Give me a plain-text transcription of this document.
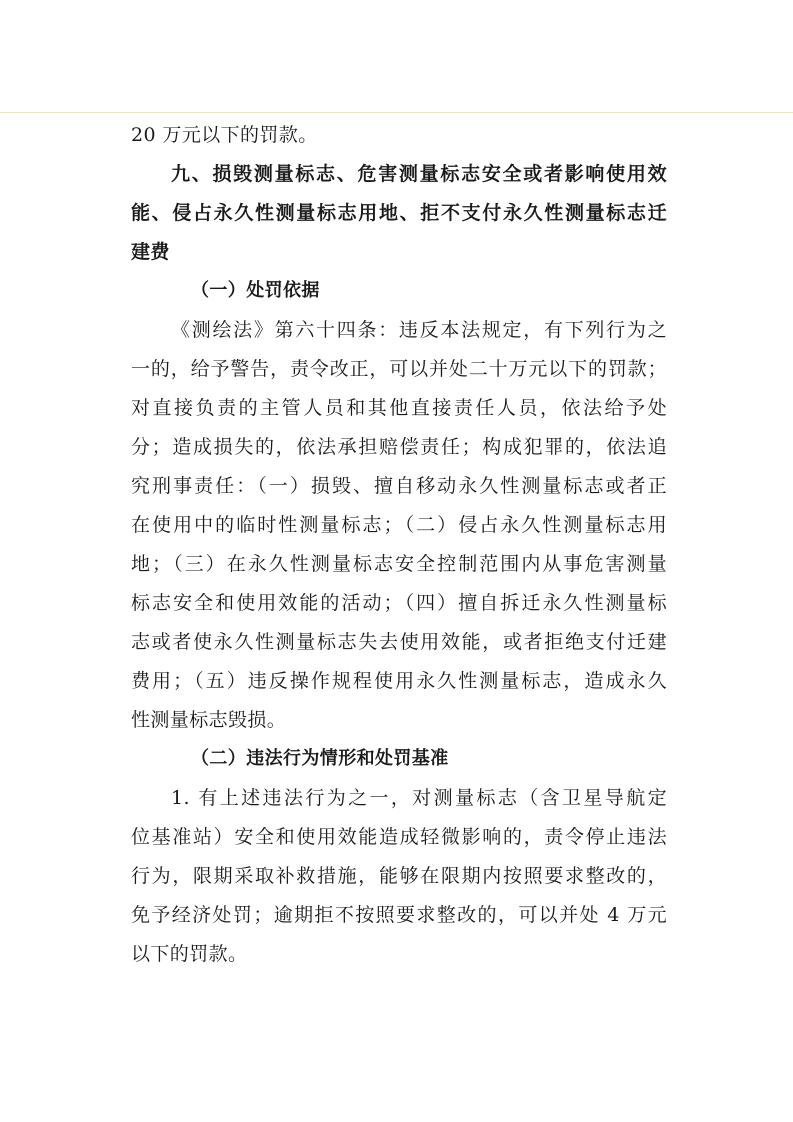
20 万元以下的罚款。
九、损毁测量标志、危害测量标志安全或者影响使用效
能、侵占永久性测量标志用地、拒不支付永久性测量标志迁
建费
（一）处罚依据
《测绘法》第六十四条：违反本法规定，有下列行为之
一的，给予警告，责令改正，可以并处二十万元以下的罚款；
对直接负责的主管人员和其他直接责任人员，依法给予处
分；造成损失的，依法承担赔偿责任；构成犯罪的，依法追
究刑事责任：（一）损毁、擅自移动永久性测量标志或者正
在使用中的临时性测量标志；（二）侵占永久性测量标志用
地；（三）在永久性测量标志安全控制范围内从事危害测量
标志安全和使用效能的活动；（四）擅自拆迁永久性测量标
志或者使永久性测量标志失去使用效能，或者拒绝支付迁建
费用；（五）违反操作规程使用永久性测量标志，造成永久
性测量标志毁损。
（二）违法行为情形和处罚基准
1. 有上述违法行为之一，对测量标志（含卫星导航定
位基准站）安全和使用效能造成轻微影响的，责令停止违法
行为，限期采取补救措施，能够在限期内按照要求整改的，
免予经济处罚；逾期拒不按照要求整改的，可以并处 4 万元
以下的罚款。
